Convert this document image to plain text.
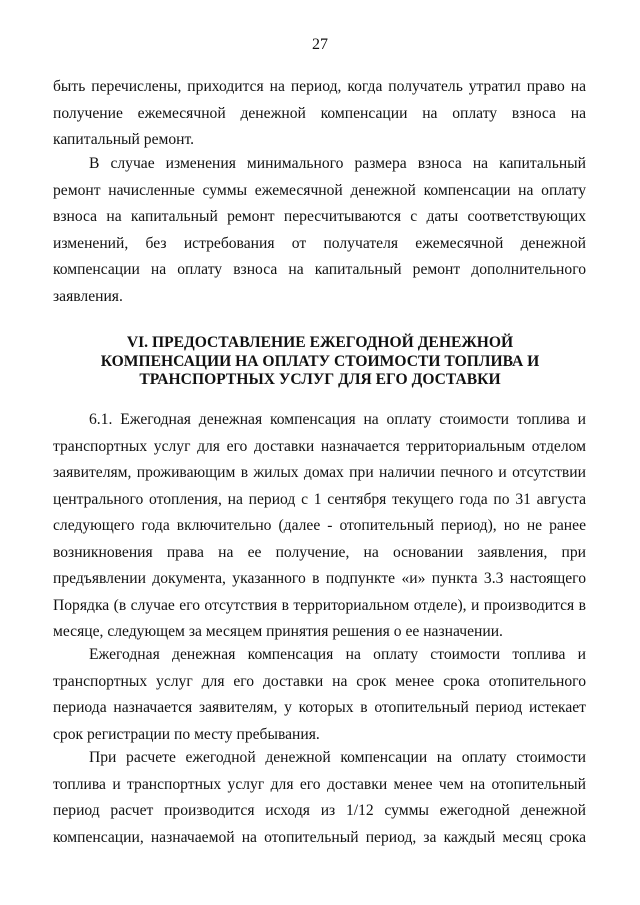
27
быть перечислены, приходится на период, когда получатель утратил право на
получение ежемесячной денежной компенсации на оплату взноса на
капитальный ремонт.
В случае изменения минимального размера взноса на капитальный
ремонт начисленные суммы ежемесячной денежной компенсации на оплату
взноса на капитальный ремонт пересчитываются с даты соответствующих
изменений, без истребования от получателя ежемесячной денежной
компенсации на оплату взноса на капитальный ремонт дополнительного
заявления.
VI. ПРЕДОСТАВЛЕНИЕ ЕЖЕГОДНОЙ ДЕНЕЖНОЙ
КОМПЕНСАЦИИ НА ОПЛАТУ СТОИМОСТИ ТОПЛИВА И
ТРАНСПОРТНЫХ УСЛУГ ДЛЯ ЕГО ДОСТАВКИ
6.1. Ежегодная денежная компенсация на оплату стоимости топлива и
транспортных услуг для его доставки назначается территориальным отделом
заявителям, проживающим в жилых домах при наличии печного и отсутствии
центрального отопления, на период с 1 сентября текущего года по 31 августа
следующего года включительно (далее - отопительный период), но не ранее
возникновения права на ее получение, на основании заявления, при
предъявлении документа, указанного в подпункте «и» пункта 3.3 настоящего
Порядка (в случае его отсутствия в территориальном отделе), и производится в
месяце, следующем за месяцем принятия решения о ее назначении.
Ежегодная денежная компенсация на оплату стоимости топлива и
транспортных услуг для его доставки на срок менее срока отопительного
периода назначается заявителям, у которых в отопительный период истекает
срок регистрации по месту пребывания.
При расчете ежегодной денежной компенсации на оплату стоимости
топлива и транспортных услуг для его доставки менее чем на отопительный
период расчет производится исходя из 1/12 суммы ежегодной денежной
компенсации, назначаемой на отопительный период, за каждый месяц срока
